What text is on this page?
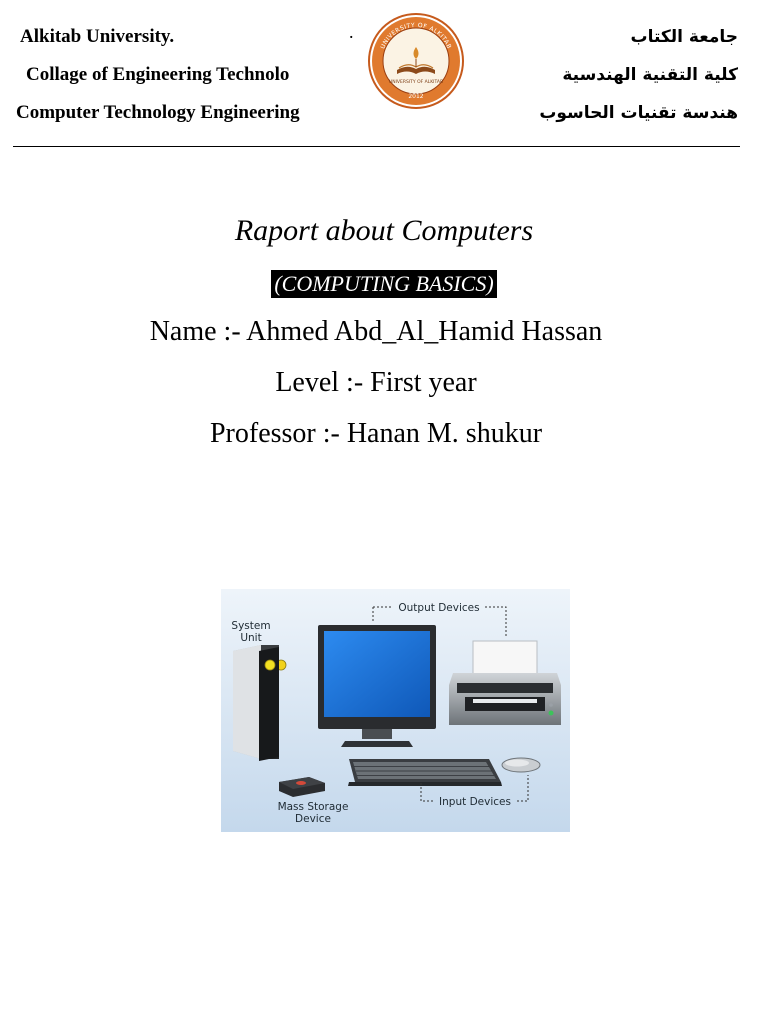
Alkitab University.
Collage of Engineering Technolo
Computer Technology Engineering
.
UNIVERSITY OF ALKITAB
UNIVERSITY OF ALKITAB
2012
جامعة الكتاب
كلية التقنية الهندسية
هندسة تقنيات الحاسوب
Raport about Computers
(COMPUTING BASICS)
Name :- Ahmed Abd_Al_Hamid Hassan
Level :- First year
Professor :- Hanan M. shukur
System
Unit
Output Devices
Input Devices
Mass Storage
Device
